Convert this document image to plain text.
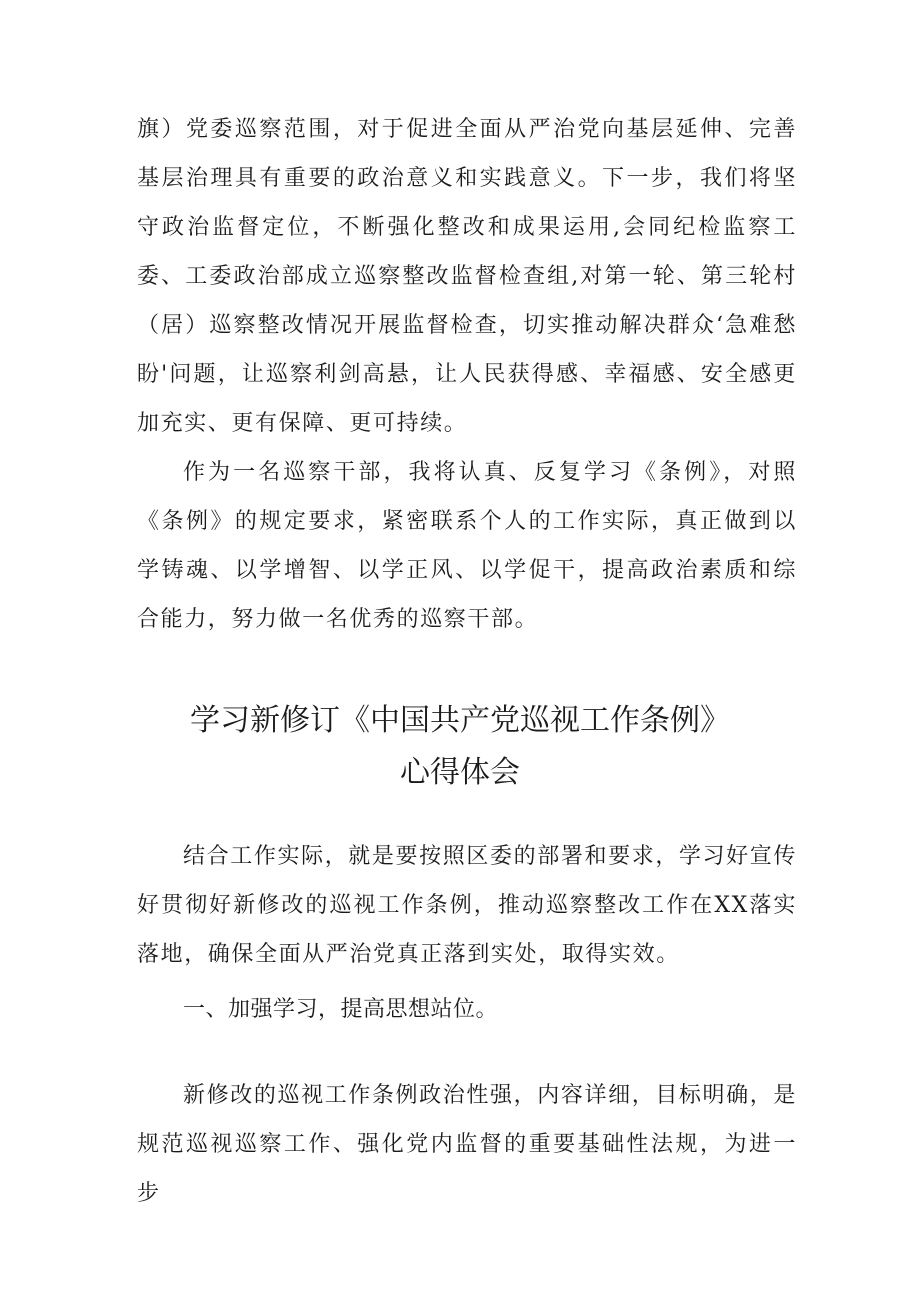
旗）党委巡察范围，对于促进全面从严治党向基层延伸、完善基层治理具有重要的政治意义和实践意义。下一步，我们将坚守政治监督定位，不断强化整改和成果运用,会同纪检监察工委、工委政治部成立巡察整改监督检查组,对第一轮、第三轮村（居）巡察整改情况开展监督检查，切实推动解决群众‘急难愁盼'问题，让巡察利剑高悬，让人民获得感、幸福感、安全感更加充实、更有保障、更可持续。

作为一名巡察干部，我将认真、反复学习《条例》，对照《条例》的规定要求，紧密联系个人的工作实际，真正做到以学铸魂、以学增智、以学正风、以学促干，提高政治素质和综合能力，努力做一名优秀的巡察干部。

学习新修订《中国共产党巡视工作条例》
心得体会

结合工作实际，就是要按照区委的部署和要求，学习好宣传好贯彻好新修改的巡视工作条例，推动巡察整改工作在XX落实落地，确保全面从严治党真正落到实处，取得实效。

一、加强学习，提高思想站位。

新修改的巡视工作条例政治性强，内容详细，目标明确，是规范巡视巡察工作、强化党内监督的重要基础性法规，为进一步
